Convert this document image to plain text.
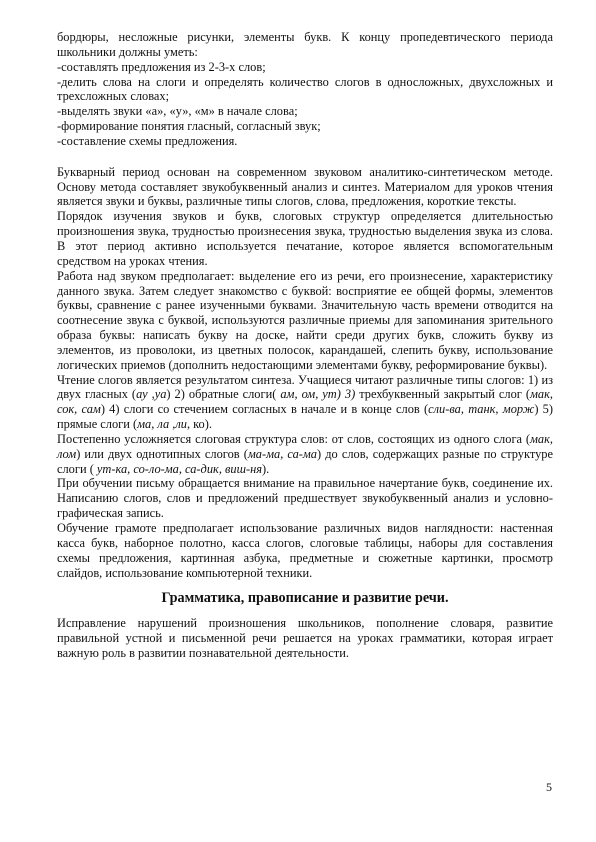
бордюры, несложные рисунки, элементы букв. К концу пропедевтического периода школьники должны уметь:

-составлять предложения из 2-3-х слов;

-делить слова на слоги и определять количество слогов в односложных, двухсложных и трехсложных словах;

-выделять звуки «а», «у», «м» в начале слова;

-формирование понятия гласный, согласный звук;

-составление схемы предложения.

Букварный период основан на современном звуковом аналитико-синтетическом методе. Основу метода составляет звукобуквенный анализ и синтез. Материалом для уроков чтения является звуки и буквы, различные типы слогов, слова, предложения, короткие тексты.

Порядок изучения звуков и букв, слоговых структур определяется длительностью произношения звука, трудностью произнесения звука, трудностью выделения звука из слова. В этот период активно используется печатание, которое является вспомогательным средством на уроках чтения.

Работа над звуком предполагает: выделение его из речи, его произнесение, характеристику данного звука. Затем следует знакомство с буквой: восприятие ее общей формы, элементов буквы, сравнение с ранее изученными буквами. Значительную часть времени отводится на соотнесение звука с буквой, используются различные приемы для запоминания зрительного образа буквы: написать букву на доске, найти среди других букв, сложить букву из элементов, из проволоки, из цветных полосок, карандашей, слепить букву, использование логических приемов (дополнить недостающими элементами букву, реформирование буквы).

Чтение слогов является результатом синтеза. Учащиеся читают различные типы слогов: 1) из двух гласных (ау ,уа) 2) обратные слоги( ам, ом, ут) 3) трехбуквенный закрытый слог (мак, сок, сам) 4) слоги со стечением согласных в начале и в конце слов (сли-ва, танк, морж) 5) прямые слоги (ма, ла ,ли, ко).

Постепенно усложняется слоговая структура слов: от слов, состоящих из одного слога (мак, лом) или двух однотипных слогов (ма-ма, са-ма) до слов, содержащих разные по структуре слоги ( ут-ка, со-ло-ма, са-дик, виш-ня).

При обучении письму обращается внимание на правильное начертание букв, соединение их. Написанию слогов, слов и предложений предшествует звукобуквенный анализ и условно-графическая запись.

Обучение грамоте предполагает использование различных видов наглядности: настенная касса букв, наборное полотно, касса слогов, слоговые таблицы, наборы для составления схемы предложения, картинная азбука, предметные и сюжетные картинки, просмотр слайдов, использование компьютерной техники.

Грамматика, правописание и развитие речи.

Исправление нарушений произношения школьников, пополнение словаря, развитие правильной устной и письменной речи решается на уроках грамматики, которая играет важную роль в развитии познавательной деятельности.

5
